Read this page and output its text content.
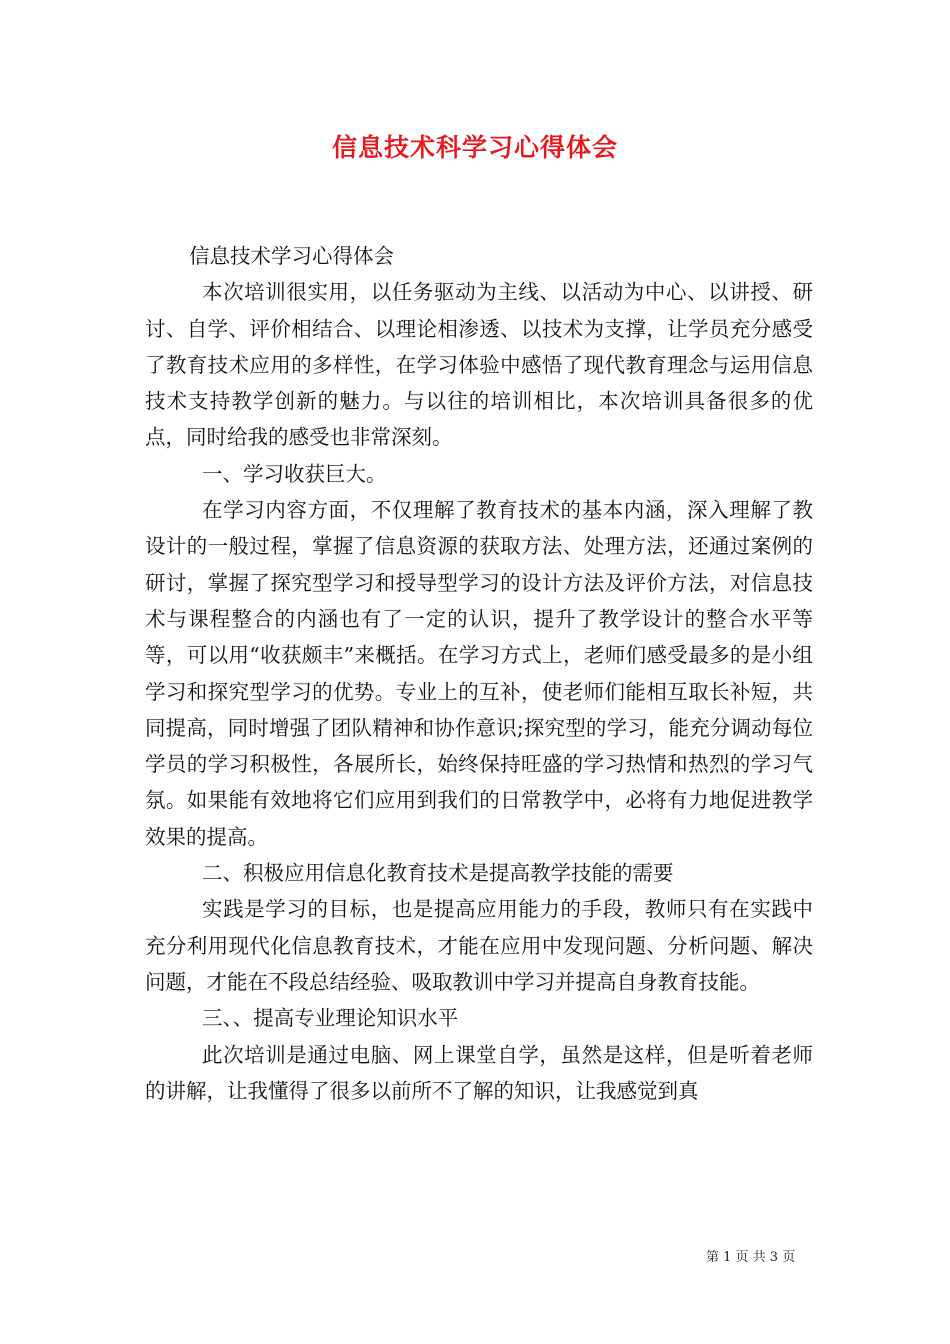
信息技术科学习心得体会

信息技术学习心得体会

本次培训很实用，以任务驱动为主线、以活动为中心、以讲授、研讨、自学、评价相结合、以理论相渗透、以技术为支撑，让学员充分感受了教育技术应用的多样性，在学习体验中感悟了现代教育理念与运用信息技术支持教学创新的魅力。与以往的培训相比，本次培训具备很多的优点，同时给我的感受也非常深刻。

一、学习收获巨大。

在学习内容方面，不仅理解了教育技术的基本内涵，深入理解了教设计的一般过程，掌握了信息资源的获取方法、处理方法，还通过案例的研讨，掌握了探究型学习和授导型学习的设计方法及评价方法，对信息技术与课程整合的内涵也有了一定的认识，提升了教学设计的整合水平等等，可以用“收获颇丰”来概括。在学习方式上，老师们感受最多的是小组学习和探究型学习的优势。专业上的互补，使老师们能相互取长补短，共同提高，同时增强了团队精神和协作意识;探究型的学习，能充分调动每位学员的学习积极性，各展所长，始终保持旺盛的学习热情和热烈的学习气氛。如果能有效地将它们应用到我们的日常教学中，必将有力地促进教学效果的提高。

二、积极应用信息化教育技术是提高教学技能的需要

实践是学习的目标，也是提高应用能力的手段，教师只有在实践中充分利用现代化信息教育技术，才能在应用中发现问题、分析问题、解决问题，才能在不段总结经验、吸取教训中学习并提高自身教育技能。

三、、提高专业理论知识水平

此次培训是通过电脑、网上课堂自学，虽然是这样，但是听着老师的讲解，让我懂得了很多以前所不了解的知识，让我感觉到真

第 1 页 共 3 页
